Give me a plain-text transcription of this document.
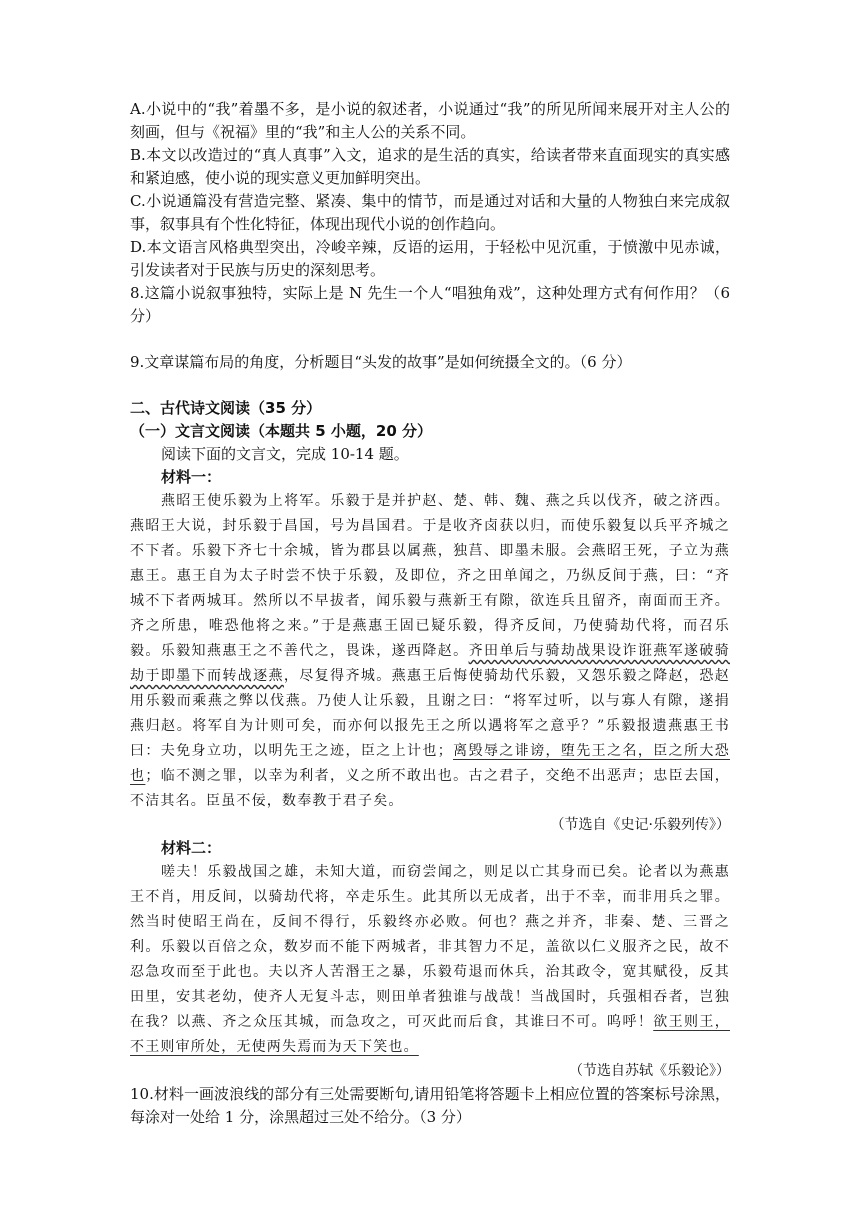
A.小说中的“我”着墨不多，是小说的叙述者，小说通过“我”的所见所闻来展开对主人公的刻画，但与《祝福》里的“我”和主人公的关系不同。

B.本文以改造过的“真人真事”入文，追求的是生活的真实，给读者带来直面现实的真实感和紧迫感，使小说的现实意义更加鲜明突出。

C.小说通篇没有营造完整、紧凑、集中的情节，而是通过对话和大量的人物独白来完成叙事，叙事具有个性化特征，体现出现代小说的创作趋向。

D.本文语言风格典型突出，冷峻辛辣，反语的运用，于轻松中见沉重，于愤激中见赤诚，引发读者对于民族与历史的深刻思考。

8.这篇小说叙事独特，实际上是 N 先生一个人“唱独角戏”，这种处理方式有何作用？（6分）

9.文章谋篇布局的角度，分析题目“头发的故事”是如何统摄全文的。（6 分）

二、古代诗文阅读（35 分）

（一）文言文阅读（本题共 5 小题，20 分）

阅读下面的文言文，完成 10-14 题。

材料一：

燕昭王使乐毅为上将军。乐毅于是并护赵、楚、韩、魏、燕之兵以伐齐，破之济西。燕昭王大说，封乐毅于昌国，号为昌国君。于是收齐卤获以归，而使乐毅复以兵平齐城之不下者。乐毅下齐七十余城，皆为郡县以属燕，独莒、即墨未服。会燕昭王死，子立为燕惠王。惠王自为太子时尝不快于乐毅，及即位，齐之田单闻之，乃纵反间于燕，曰：“齐城不下者两城耳。然所以不早拔者，闻乐毅与燕新王有隙，欲连兵且留齐，南面而王齐。齐之所患，唯恐他将之来。”于是燕惠王固已疑乐毅，得齐反间，乃使骑劫代将，而召乐毅。乐毅知燕惠王之不善代之，畏诛，遂西降赵。齐田单后与骑劫战果设诈诳燕军遂破骑劫于即墨下而转战逐燕，尽复得齐城。燕惠王后悔使骑劫代乐毅，又怨乐毅之降赵，恐赵用乐毅而乘燕之弊以伐燕。乃使人让乐毅，且谢之曰：“将军过听，以与寡人有隙，遂捐燕归赵。将军自为计则可矣，而亦何以报先王之所以遇将军之意乎？”乐毅报遗燕惠王书曰：夫免身立功，以明先王之迹，臣之上计也；离毁辱之诽谤，堕先王之名，臣之所大恐也；临不测之罪，以幸为利者，义之所不敢出也。古之君子，交绝不出恶声；忠臣去国，不洁其名。臣虽不佞，数奉教于君子矣。

（节选自《史记·乐毅列传》）

材料二：

嗟夫！乐毅战国之雄，未知大道，而窃尝闻之，则足以亡其身而已矣。论者以为燕惠王不肖，用反间，以骑劫代将，卒走乐生。此其所以无成者，出于不幸，而非用兵之罪。然当时使昭王尚在，反间不得行，乐毅终亦必败。何也？燕之并齐，非秦、楚、三晋之利。乐毅以百倍之众，数岁而不能下两城者，非其智力不足，盖欲以仁义服齐之民，故不忍急攻而至于此也。夫以齐人苦湣王之暴，乐毅苟退而休兵，治其政令，宽其赋役，反其田里，安其老幼，使齐人无复斗志，则田单者独谁与战哉！当战国时，兵强相吞者，岂独在我？以燕、齐之众压其城，而急攻之，可灭此而后食，其谁曰不可。呜呼！欲王则王，不王则审所处，无使两失焉而为天下笑也。

（节选自苏轼《乐毅论》）

10.材料一画波浪线的部分有三处需要断句,请用铅笔将答题卡上相应位置的答案标号涂黑，每涂对一处给 1 分，涂黑超过三处不给分。（3 分）
